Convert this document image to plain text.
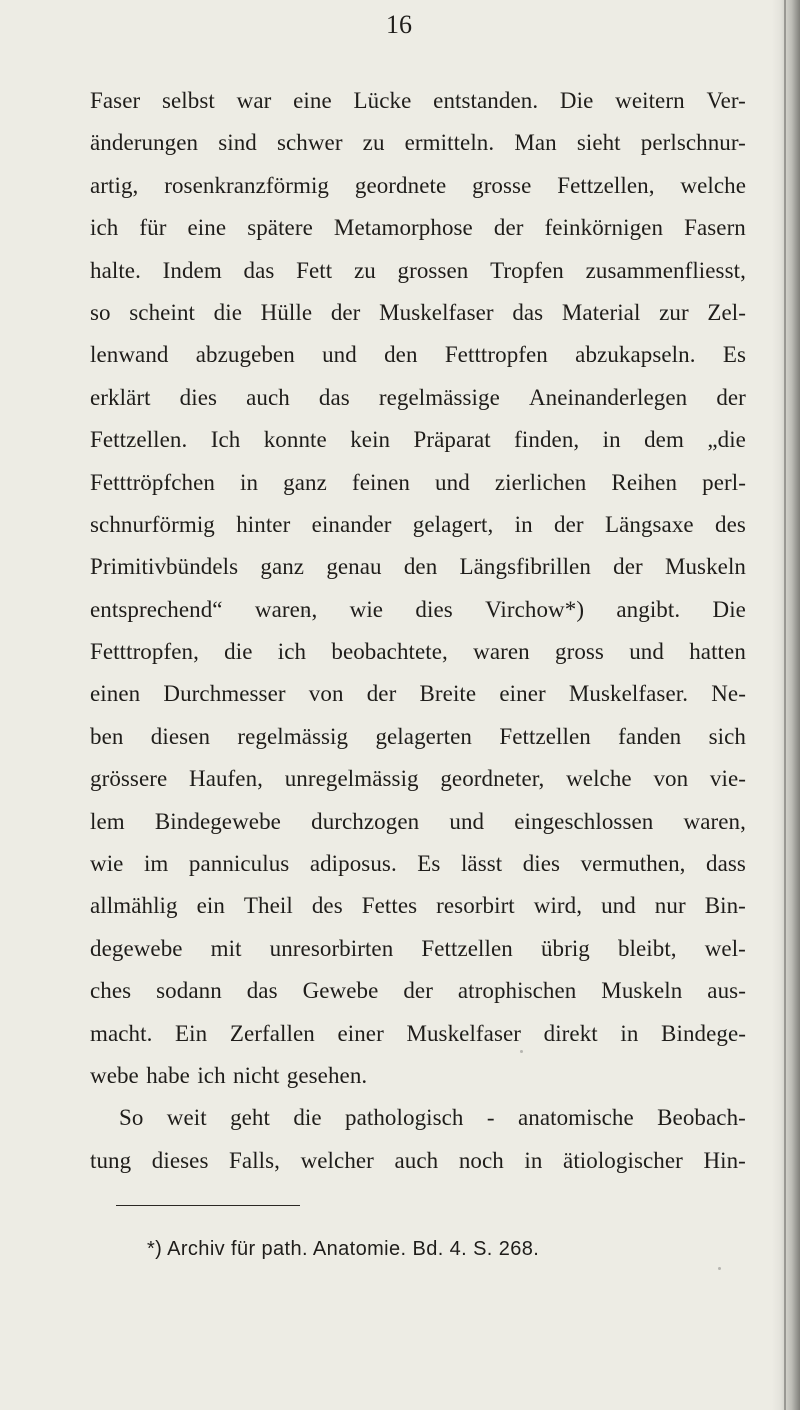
16
Faser selbst war eine Lücke entstanden. Die weitern Ver-
änderungen sind schwer zu ermitteln. Man sieht perlschnur-
artig, rosenkranzförmig geordnete grosse Fettzellen, welche
ich für eine spätere Metamorphose der feinkörnigen Fasern
halte. Indem das Fett zu grossen Tropfen zusammenfliesst,
so scheint die Hülle der Muskelfaser das Material zur Zel-
lenwand abzugeben und den Fetttropfen abzukapseln. Es
erklärt dies auch das regelmässige Aneinanderlegen der
Fettzellen. Ich konnte kein Präparat finden, in dem „die
Fetttröpfchen in ganz feinen und zierlichen Reihen perl-
schnurförmig hinter einander gelagert, in der Längsaxe des
Primitivbündels ganz genau den Längsfibrillen der Muskeln
entsprechend“ waren, wie dies Virchow*) angibt. Die
Fetttropfen, die ich beobachtete, waren gross und hatten
einen Durchmesser von der Breite einer Muskelfaser. Ne-
ben diesen regelmässig gelagerten Fettzellen fanden sich
grössere Haufen, unregelmässig geordneter, welche von vie-
lem Bindegewebe durchzogen und eingeschlossen waren,
wie im panniculus adiposus. Es lässt dies vermuthen, dass
allmählig ein Theil des Fettes resorbirt wird, und nur Bin-
degewebe mit unresorbirten Fettzellen übrig bleibt, wel-
ches sodann das Gewebe der atrophischen Muskeln aus-
macht. Ein Zerfallen einer Muskelfaser direkt in Bindege-
webe habe ich nicht gesehen.
So weit geht die pathologisch - anatomische Beobach-
tung dieses Falls, welcher auch noch in ätiologischer Hin-
*) Archiv für path. Anatomie. Bd. 4. S. 268.
